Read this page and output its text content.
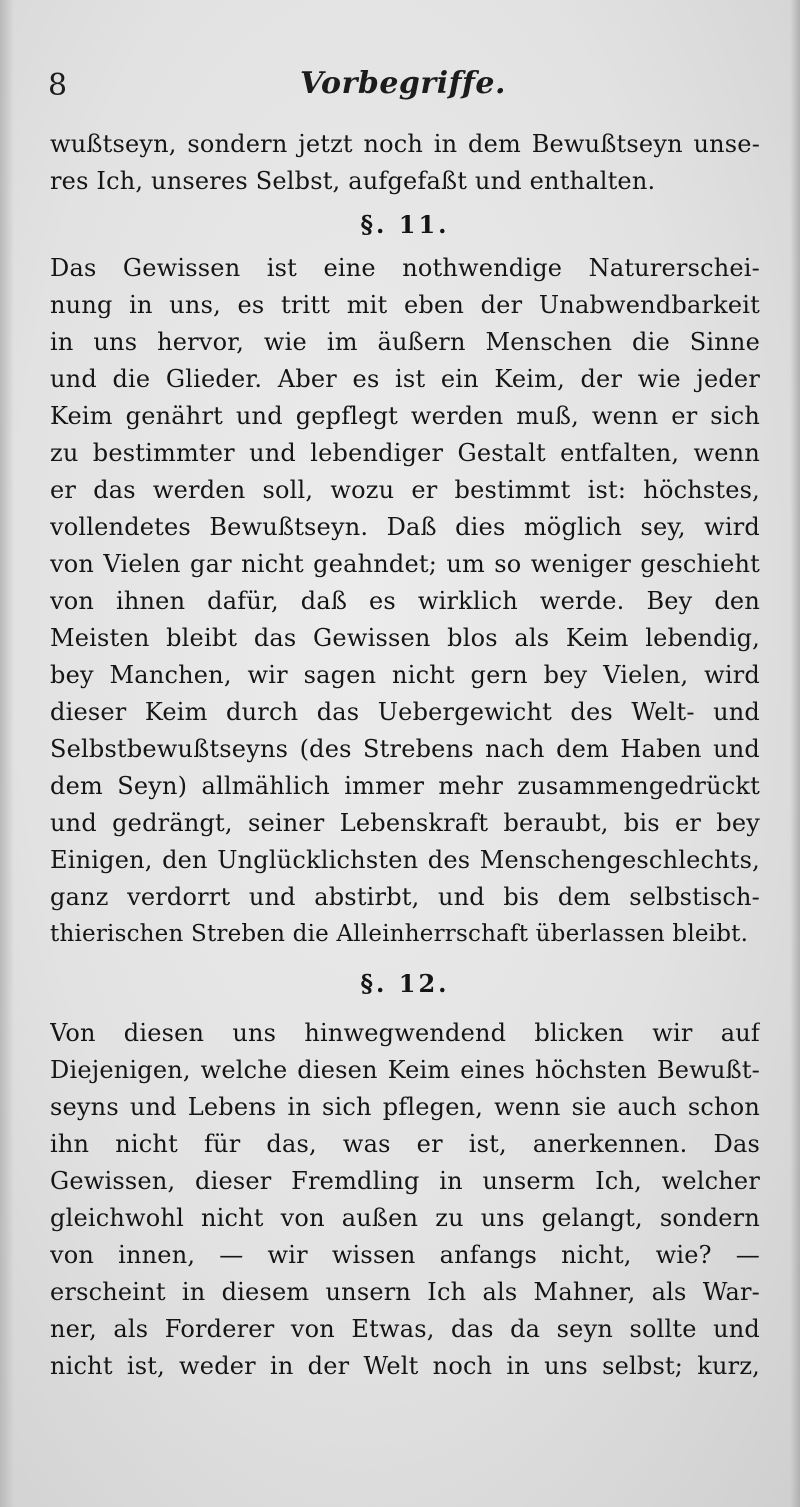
8	Vorbegriffe.
wußtseyn, sondern jetzt noch in dem Bewußtseyn unse-
res Ich, unseres Selbst, aufgefaßt und enthalten.
§. 11.
Das Gewissen ist eine nothwendige Naturerschei-
nung in uns, es tritt mit eben der Unabwendbarkeit
in uns hervor, wie im äußern Menschen die Sinne
und die Glieder. Aber es ist ein Keim, der wie jeder
Keim genährt und gepflegt werden muß, wenn er sich
zu bestimmter und lebendiger Gestalt entfalten, wenn
er das werden soll, wozu er bestimmt ist: höchstes,
vollendetes Bewußtseyn. Daß dies möglich sey, wird
von Vielen gar nicht geahndet; um so weniger geschieht
von ihnen dafür, daß es wirklich werde. Bey den
Meisten bleibt das Gewissen blos als Keim lebendig,
bey Manchen, wir sagen nicht gern bey Vielen, wird
dieser Keim durch das Uebergewicht des Welt- und
Selbstbewußtseyns (des Strebens nach dem Haben und
dem Seyn) allmählich immer mehr zusammengedrückt
und gedrängt, seiner Lebenskraft beraubt, bis er bey
Einigen, den Unglücklichsten des Menschengeschlechts,
ganz verdorrt und abstirbt, und bis dem selbstisch-
thierischen Streben die Alleinherrschaft überlassen bleibt.
§. 12.
Von diesen uns hinwegwendend blicken wir auf
Diejenigen, welche diesen Keim eines höchsten Bewußt-
seyns und Lebens in sich pflegen, wenn sie auch schon
ihn nicht für das, was er ist, anerkennen. Das
Gewissen, dieser Fremdling in unserm Ich, welcher
gleichwohl nicht von außen zu uns gelangt, sondern
von innen, — wir wissen anfangs nicht, wie? —
erscheint in diesem unsern Ich als Mahner, als War-
ner, als Forderer von Etwas, das da seyn sollte und
nicht ist, weder in der Welt noch in uns selbst; kurz,
